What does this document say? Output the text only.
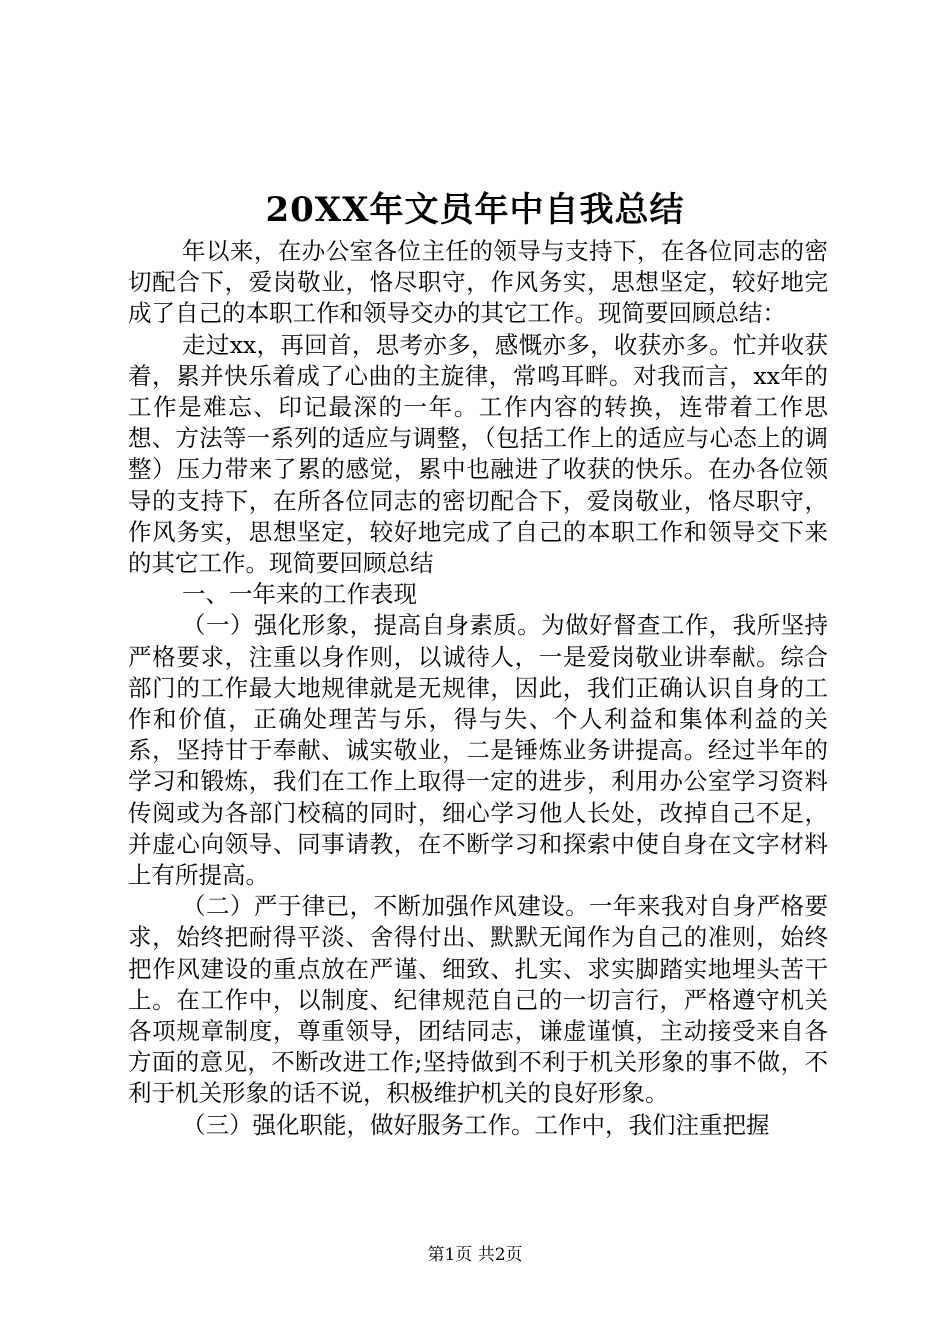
20XX年文员年中自我总结

年以来，在办公室各位主任的领导与支持下，在各位同志的密切配合下，爱岗敬业，恪尽职守，作风务实，思想坚定，较好地完成了自己的本职工作和领导交办的其它工作。现简要回顾总结：

走过xx，再回首，思考亦多，感慨亦多，收获亦多。忙并收获着，累并快乐着成了心曲的主旋律，常鸣耳畔。对我而言，xx年的工作是难忘、印记最深的一年。工作内容的转换，连带着工作思想、方法等一系列的适应与调整，（包括工作上的适应与心态上的调整）压力带来了累的感觉，累中也融进了收获的快乐。在办各位领导的支持下，在所各位同志的密切配合下，爱岗敬业，恪尽职守，作风务实，思想坚定，较好地完成了自己的本职工作和领导交下来的其它工作。现简要回顾总结

一、一年来的工作表现

（一）强化形象，提高自身素质。为做好督查工作，我所坚持严格要求，注重以身作则，以诚待人，一是爱岗敬业讲奉献。综合部门的工作最大地规律就是无规律，因此，我们正确认识自身的工作和价值，正确处理苦与乐，得与失、个人利益和集体利益的关系，坚持甘于奉献、诚实敬业，二是锤炼业务讲提高。经过半年的学习和锻炼，我们在工作上取得一定的进步，利用办公室学习资料传阅或为各部门校稿的同时，细心学习他人长处，改掉自己不足，并虚心向领导、同事请教，在不断学习和探索中使自身在文字材料上有所提高。

（二）严于律已，不断加强作风建设。一年来我对自身严格要求，始终把耐得平淡、舍得付出、默默无闻作为自己的准则，始终把作风建设的重点放在严谨、细致、扎实、求实脚踏实地埋头苦干上。在工作中，以制度、纪律规范自己的一切言行，严格遵守机关各项规章制度，尊重领导，团结同志，谦虚谨慎，主动接受来自各方面的意见，不断改进工作;坚持做到不利于机关形象的事不做，不利于机关形象的话不说，积极维护机关的良好形象。

（三）强化职能，做好服务工作。工作中，我们注重把握

第1页 共2页
